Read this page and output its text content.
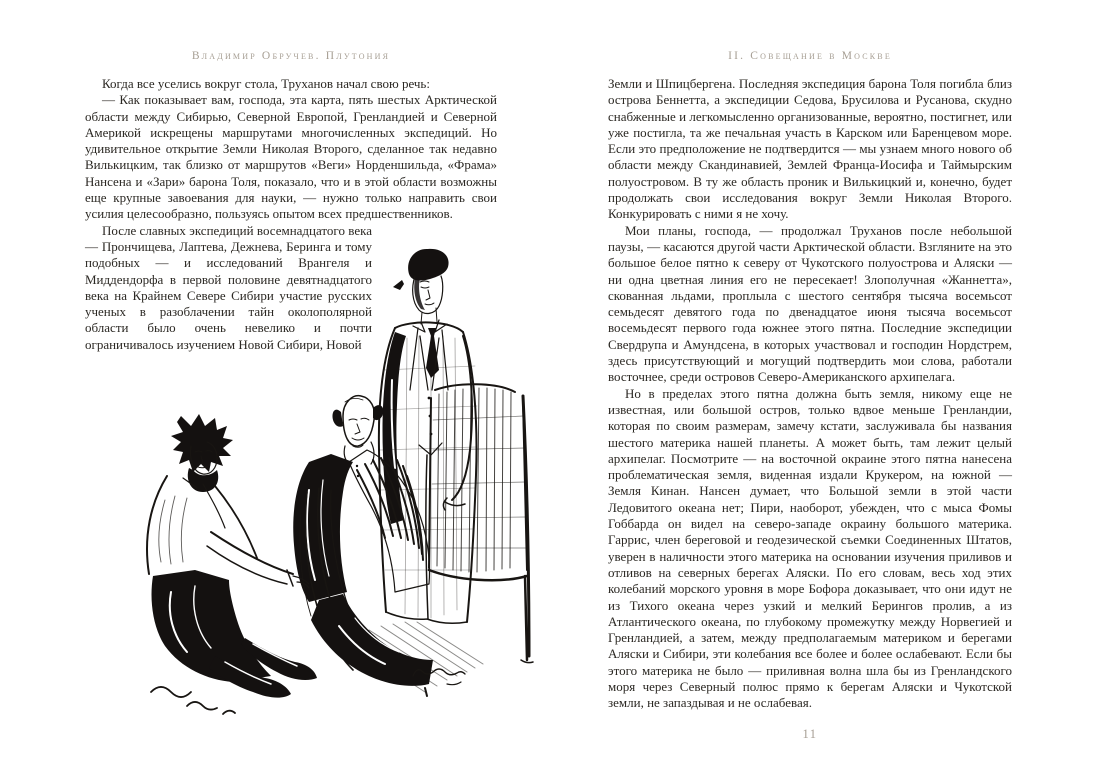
Владимир Обручев. Плутония	II. Совещание в Москве

Когда все уселись вокруг стола, Труханов начал свою речь:

— Как показывает вам, господа, эта карта, пять шестых Арктической области между Сибирью, Северной Европой, Гренландией и Северной Америкой искрещены маршрутами многочисленных экспедиций. Но удивительное открытие Земли Николая Второго, сделанное так недавно Вилькицким, так близко от маршрутов «Веги» Норденшильда, «Фрама» Нансена и «Зари» барона Толя, показало, что и в этой области возможны еще крупные завоевания для науки, — нужно только направить свои усилия целесообразно, пользуясь опытом всех предшественников.

После славных экспедиций восемнадцатого века — Прончищева, Лаптева, Дежнева, Беринга и тому подобных — и исследований Врангеля и Миддендорфа в первой половине девятнадцатого века на Крайнем Севере Сибири участие русских ученых в разоблачении тайн околополярной области было очень невелико и почти ограничивалось изучением Новой Сибири, Новой

Земли и Шпицбергена. Последняя экспедиция барона Толя погибла близ острова Беннетта, а экспедиции Седова, Брусилова и Русанова, скудно снабженные и легкомысленно организованные, вероятно, постигнет, или уже постигла, та же печальная участь в Карском или Баренцевом море. Если это предположение не подтвердится — мы узнаем много нового об области между Скандинавией, Землей Франца-Иосифа и Таймырским полуостровом. В ту же область проник и Вилькицкий и, конечно, будет продолжать свои исследования вокруг Земли Николая Второго. Конкурировать с ними я не хочу.

Мои планы, господа, — продолжал Труханов после небольшой паузы, — касаются другой части Арктической области. Взгляните на это большое белое пятно к северу от Чукотского полуострова и Аляски — ни одна цветная линия его не пересекает! Злополучная «Жаннетта», скованная льдами, проплыла с шестого сентября тысяча восемьсот семьдесят девятого года по двенадцатое июня тысяча восемьсот восемьдесят первого года южнее этого пятна. Последние экспедиции Свердрупа и Амундсена, в которых участвовал и господин Нордстрем, здесь присутствующий и могущий подтвердить мои слова, работали восточнее, среди островов Северо-Американского архипелага.

Но в пределах этого пятна должна быть земля, никому еще не известная, или большой остров, только вдвое меньше Гренландии, которая по своим размерам, замечу кстати, заслуживала бы названия шестого материка нашей планеты. А может быть, там лежит целый архипелаг. Посмотрите — на восточной окраине этого пятна нанесена проблематическая земля, виденная издали Крукером, на южной — Земля Кинан. Нансен думает, что Большой земли в этой части Ледовитого океана нет; Пири, наоборот, убежден, что с мыса Фомы Гоббарда он видел на северо-западе окраину большого материка. Гаррис, член береговой и геодезической съемки Соединенных Штатов, уверен в наличности этого материка на основании изучения приливов и отливов на северных берегах Аляски. По его словам, весь ход этих колебаний морского уровня в море Бофора доказывает, что они идут не из Тихого океана через узкий и мелкий Берингов пролив, а из Атлантического океана, по глубокому промежутку между Норвегией и Гренландией, а затем, между предполагаемым материком и берегами Аляски и Сибири, эти колебания все более и более ослабевают. Если бы этого материка не было — приливная волна шла бы из Гренландского моря через Северный полюс прямо к берегам Аляски и Чукотской земли, не запаздывая и не ослабевая.

11
